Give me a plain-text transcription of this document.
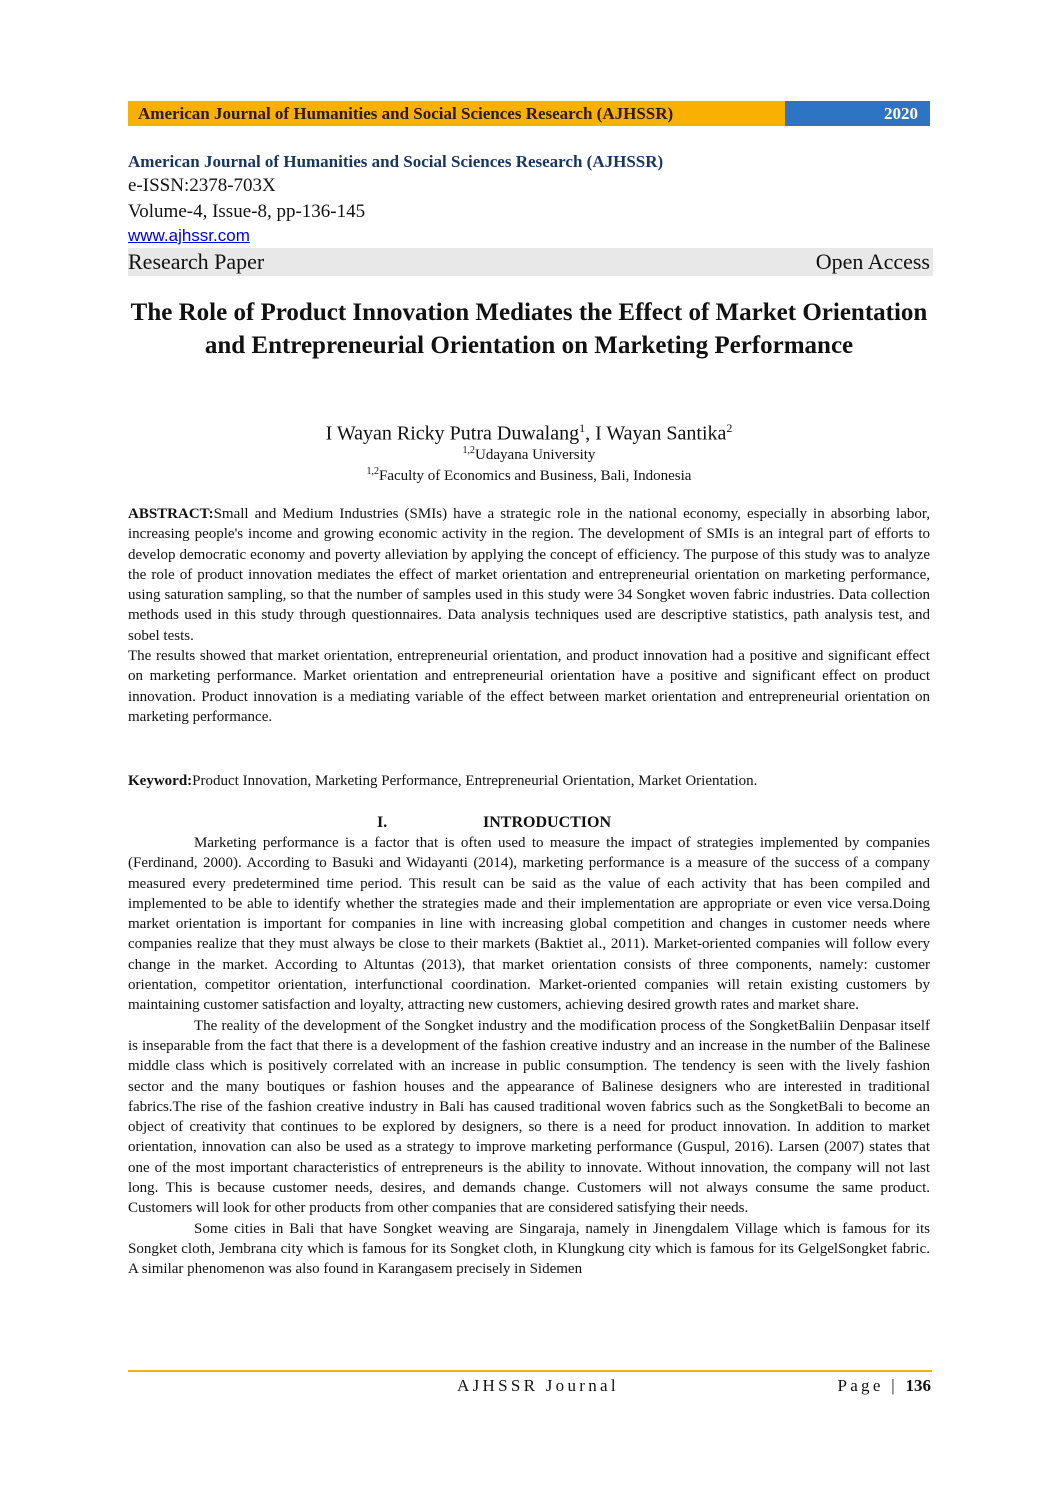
American Journal of Humanities and Social Sciences Research (AJHSSR)	2020
American Journal of Humanities and Social Sciences Research (AJHSSR)
e-ISSN:2378-703X
Volume-4, Issue-8, pp-136-145
www.ajhssr.com
Research Paper	Open Access
The Role of Product Innovation Mediates the Effect of Market Orientation and Entrepreneurial Orientation on Marketing Performance
I Wayan Ricky Putra Duwalang$^1$, I Wayan Santika$^2$
$^{1,2}$Udayana University
$^{1,2}$Faculty of Economics and Business, Bali, Indonesia

ABSTRACT:Small and Medium Industries (SMIs) have a strategic role in the national economy, especially in absorbing labor, increasing people's income and growing economic activity in the region. The development of SMIs is an integral part of efforts to develop democratic economy and poverty alleviation by applying the concept of efficiency. The purpose of this study was to analyze the role of product innovation mediates the effect of market orientation and entrepreneurial orientation on marketing performance, using saturation sampling, so that the number of samples used in this study were 34 Songket woven fabric industries. Data collection methods used in this study through questionnaires. Data analysis techniques used are descriptive statistics, path analysis test, and sobel tests.

The results showed that market orientation, entrepreneurial orientation, and product innovation had a positive and significant effect on marketing performance. Market orientation and entrepreneurial orientation have a positive and significant effect on product innovation. Product innovation is a mediating variable of the effect between market orientation and entrepreneurial orientation on marketing performance.

Keyword:Product Innovation, Marketing Performance, Entrepreneurial Orientation, Market Orientation.

I.	INTRODUCTION

Marketing performance is a factor that is often used to measure the impact of strategies implemented by companies (Ferdinand, 2000). According to Basuki and Widayanti (2014), marketing performance is a measure of the success of a company measured every predetermined time period. This result can be said as the value of each activity that has been compiled and implemented to be able to identify whether the strategies made and their implementation are appropriate or even vice versa.Doing market orientation is important for companies in line with increasing global competition and changes in customer needs where companies realize that they must always be close to their markets (Baktiet al., 2011). Market-oriented companies will follow every change in the market. According to Altuntas (2013), that market orientation consists of three components, namely: customer orientation, competitor orientation, interfunctional coordination. Market-oriented companies will retain existing customers by maintaining customer satisfaction and loyalty, attracting new customers, achieving desired growth rates and market share.

The reality of the development of the Songket industry and the modification process of the SongketBaliin Denpasar itself is inseparable from the fact that there is a development of the fashion creative industry and an increase in the number of the Balinese middle class which is positively correlated with an increase in public consumption. The tendency is seen with the lively fashion sector and the many boutiques or fashion houses and the appearance of Balinese designers who are interested in traditional fabrics.The rise of the fashion creative industry in Bali has caused traditional woven fabrics such as the SongketBali to become an object of creativity that continues to be explored by designers, so there is a need for product innovation. In addition to market orientation, innovation can also be used as a strategy to improve marketing performance (Guspul, 2016). Larsen (2007) states that one of the most important characteristics of entrepreneurs is the ability to innovate. Without innovation, the company will not last long. This is because customer needs, desires, and demands change. Customers will not always consume the same product. Customers will look for other products from other companies that are considered satisfying their needs.

Some cities in Bali that have Songket weaving are Singaraja, namely in Jinengdalem Village which is famous for its Songket cloth, Jembrana city which is famous for its Songket cloth, in Klungkung city which is famous for its GelgelSongket fabric. A similar phenomenon was also found in Karangasem precisely in Sidemen

AJHSSR Journal	Page | 136
